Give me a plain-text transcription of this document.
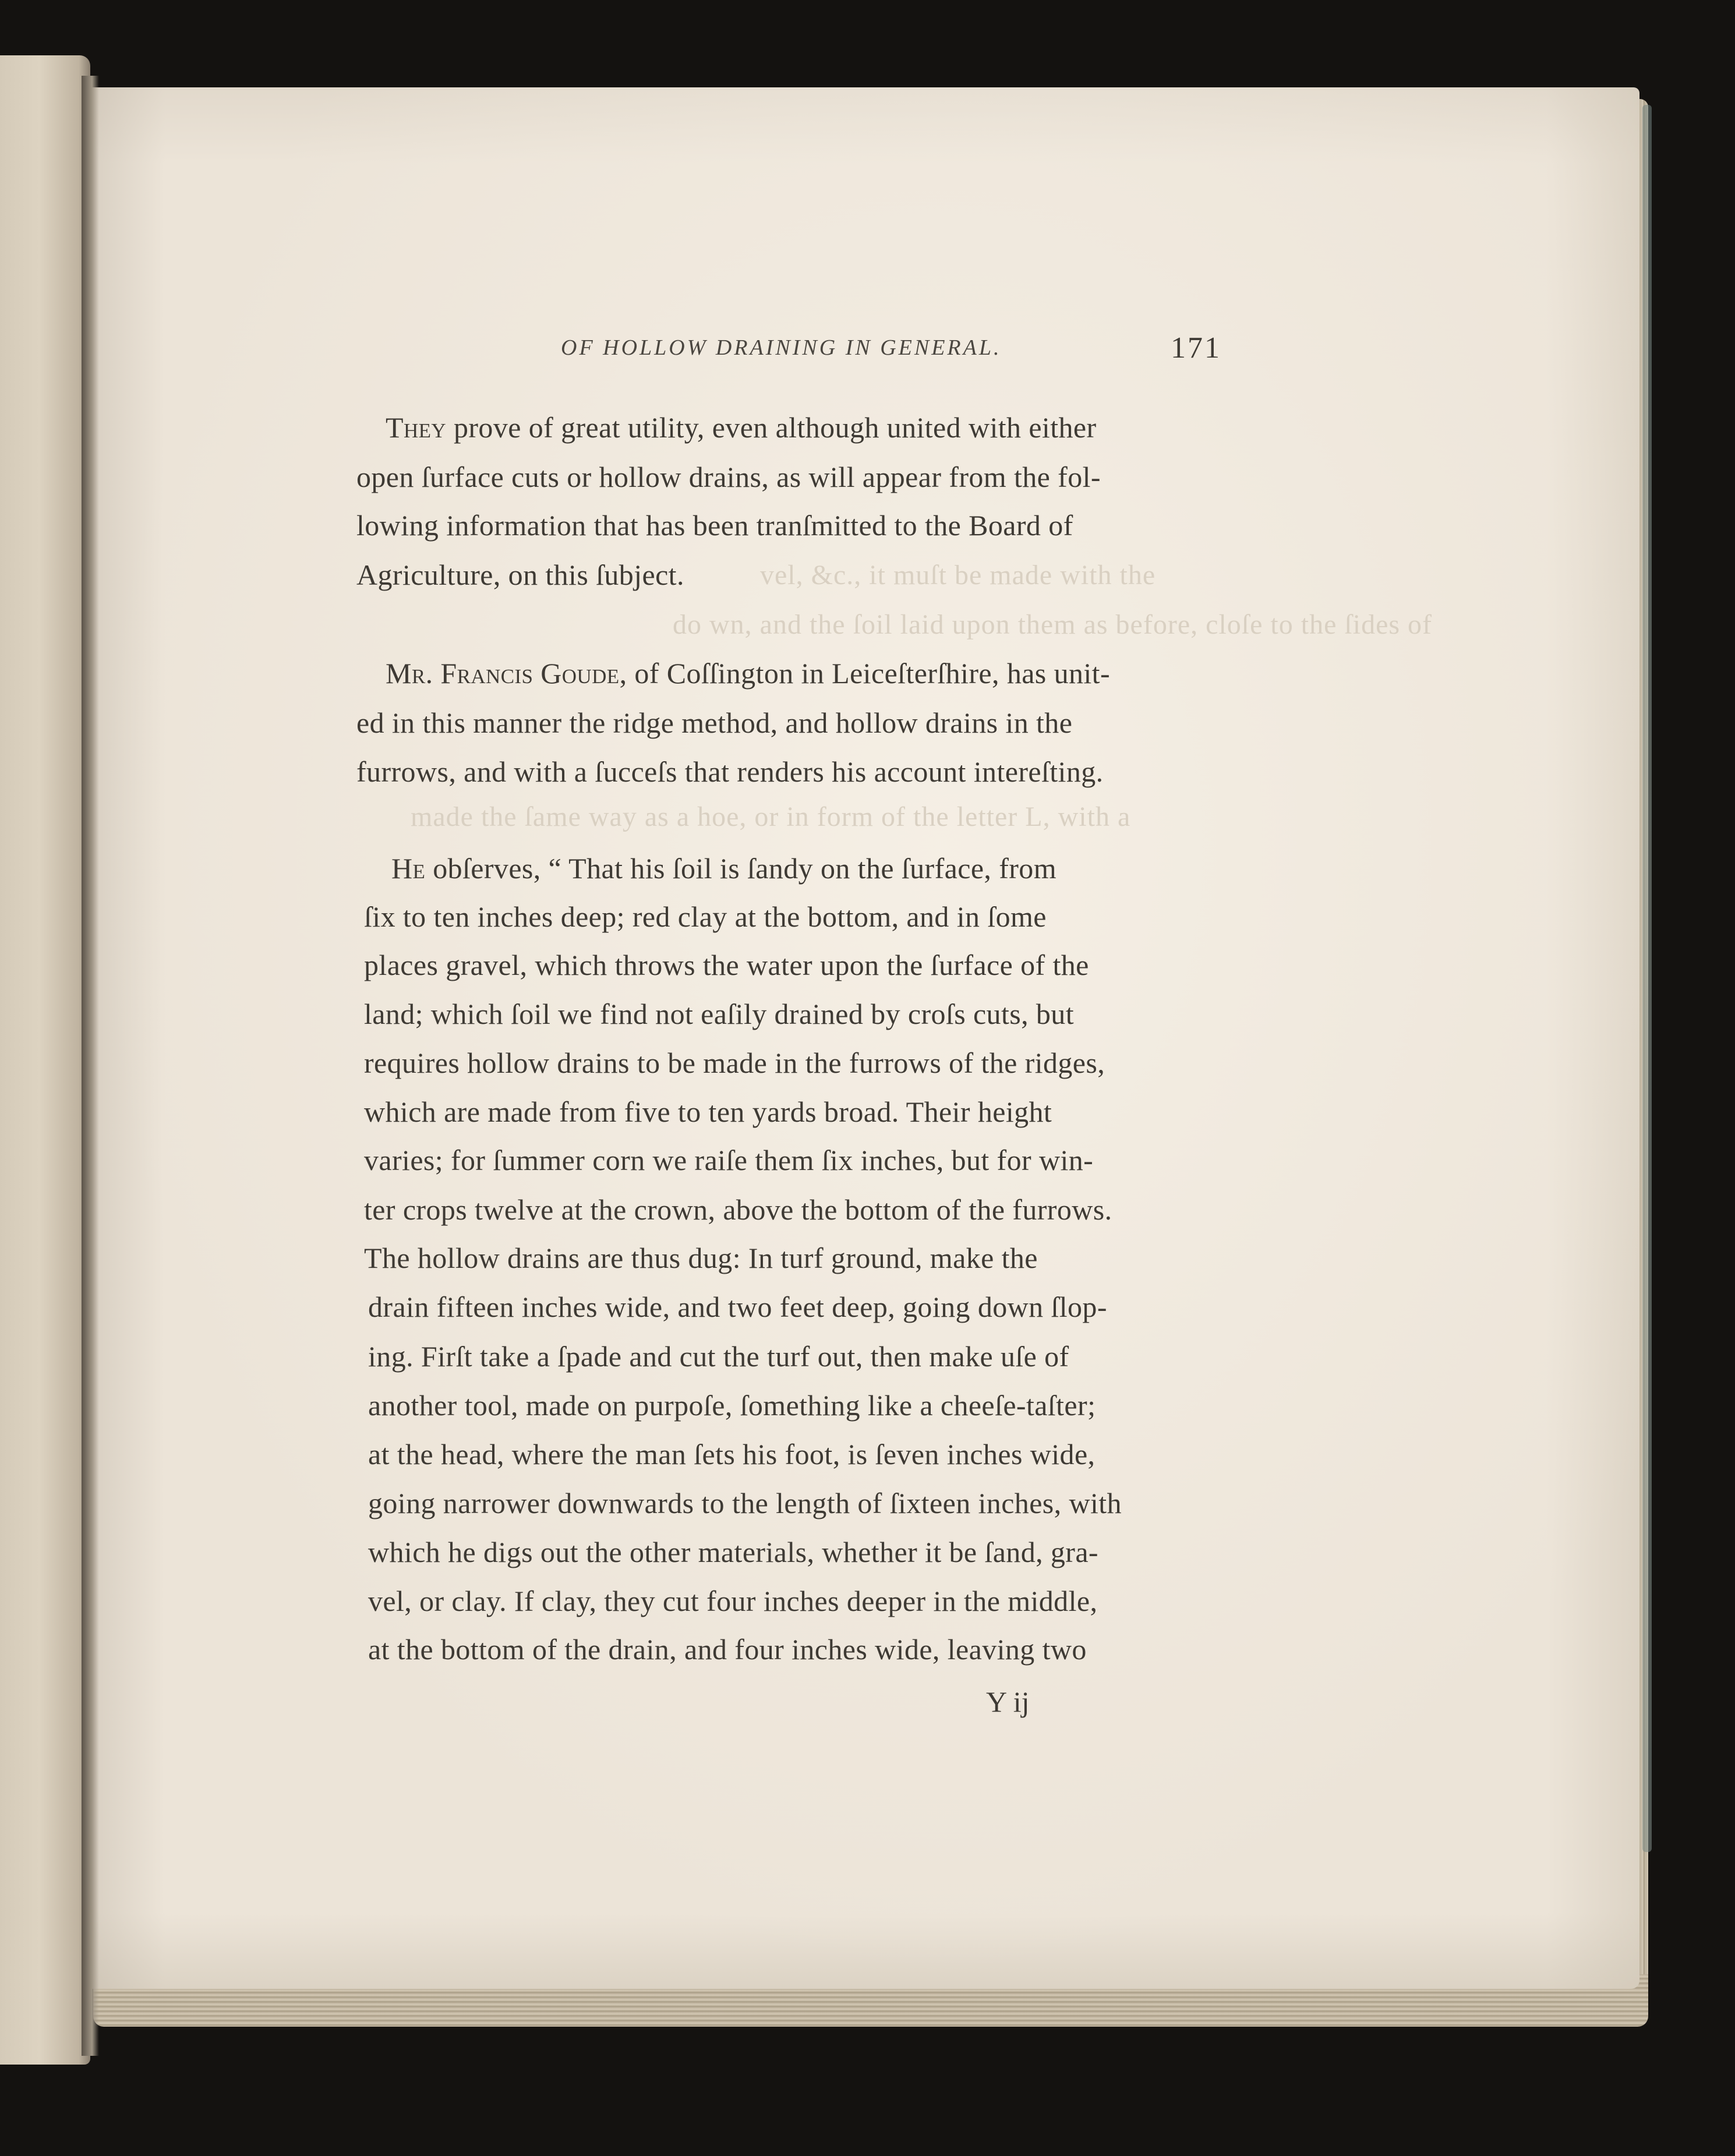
vel, &c., it muſt be made with the
do wn, and the ſoil laid upon them as before, cloſe to the ſides of
made the ſame way as a hoe, or in form of the letter L, with a
OF HOLLOW DRAINING IN GENERAL.	171
They prove of great utility, even although united with either
open ſurface cuts or hollow drains, as will appear from the fol-
lowing information that has been tranſmitted to the Board of
Agriculture, on this ſubject.
Mr. Francis Goude, of Coſſington in Leiceſterſhire, has unit-
ed in this manner the ridge method, and hollow drains in the
furrows, and with a ſucceſs that renders his account intereſting.
He obſerves, “ That his ſoil is ſandy on the ſurface, from
ſix to ten inches deep; red clay at the bottom, and in ſome
places gravel, which throws the water upon the ſurface of the
land; which ſoil we find not eaſily drained by croſs cuts, but
requires hollow drains to be made in the furrows of the ridges,
which are made from five to ten yards broad. Their height
varies; for ſummer corn we raiſe them ſix inches, but for win-
ter crops twelve at the crown, above the bottom of the furrows.
The hollow drains are thus dug: In turf ground, make the
drain fifteen inches wide, and two feet deep, going down ſlop-
ing. Firſt take a ſpade and cut the turf out, then make uſe of
another tool, made on purpoſe, ſomething like a cheeſe-taſter;
at the head, where the man ſets his foot, is ſeven inches wide,
going narrower downwards to the length of ſixteen inches, with
which he digs out the other materials, whether it be ſand, gra-
vel, or clay. If clay, they cut four inches deeper in the middle,
at the bottom of the drain, and four inches wide, leaving two
Y ij
